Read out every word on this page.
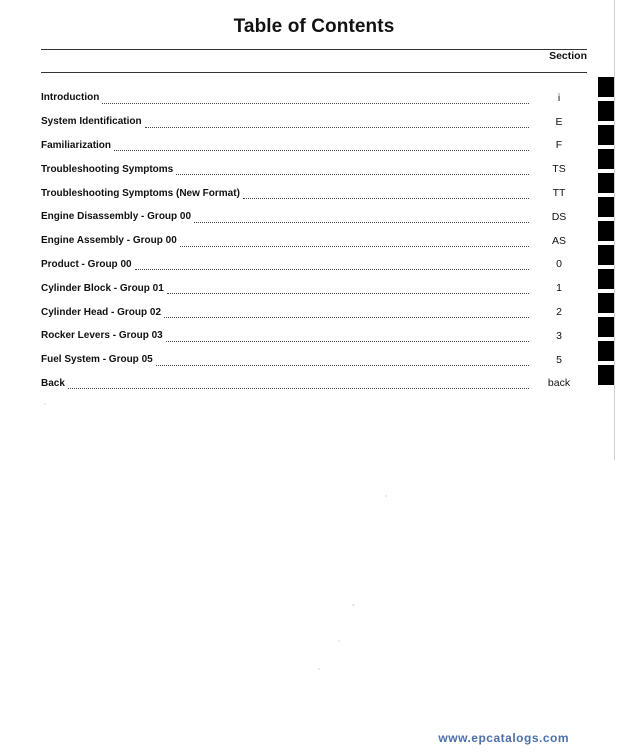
Table of Contents
Section
Introduction	i
System Identification	E
Familiarization	F
Troubleshooting Symptoms	TS
Troubleshooting Symptoms (New Format)	TT
Engine Disassembly - Group 00	DS
Engine Assembly - Group 00	AS
Product - Group 00	0
Cylinder Block - Group 01	1
Cylinder Head - Group 02	2
Rocker Levers - Group 03	3
Fuel System - Group 05	5
Back	back
www.epcatalogs.com
